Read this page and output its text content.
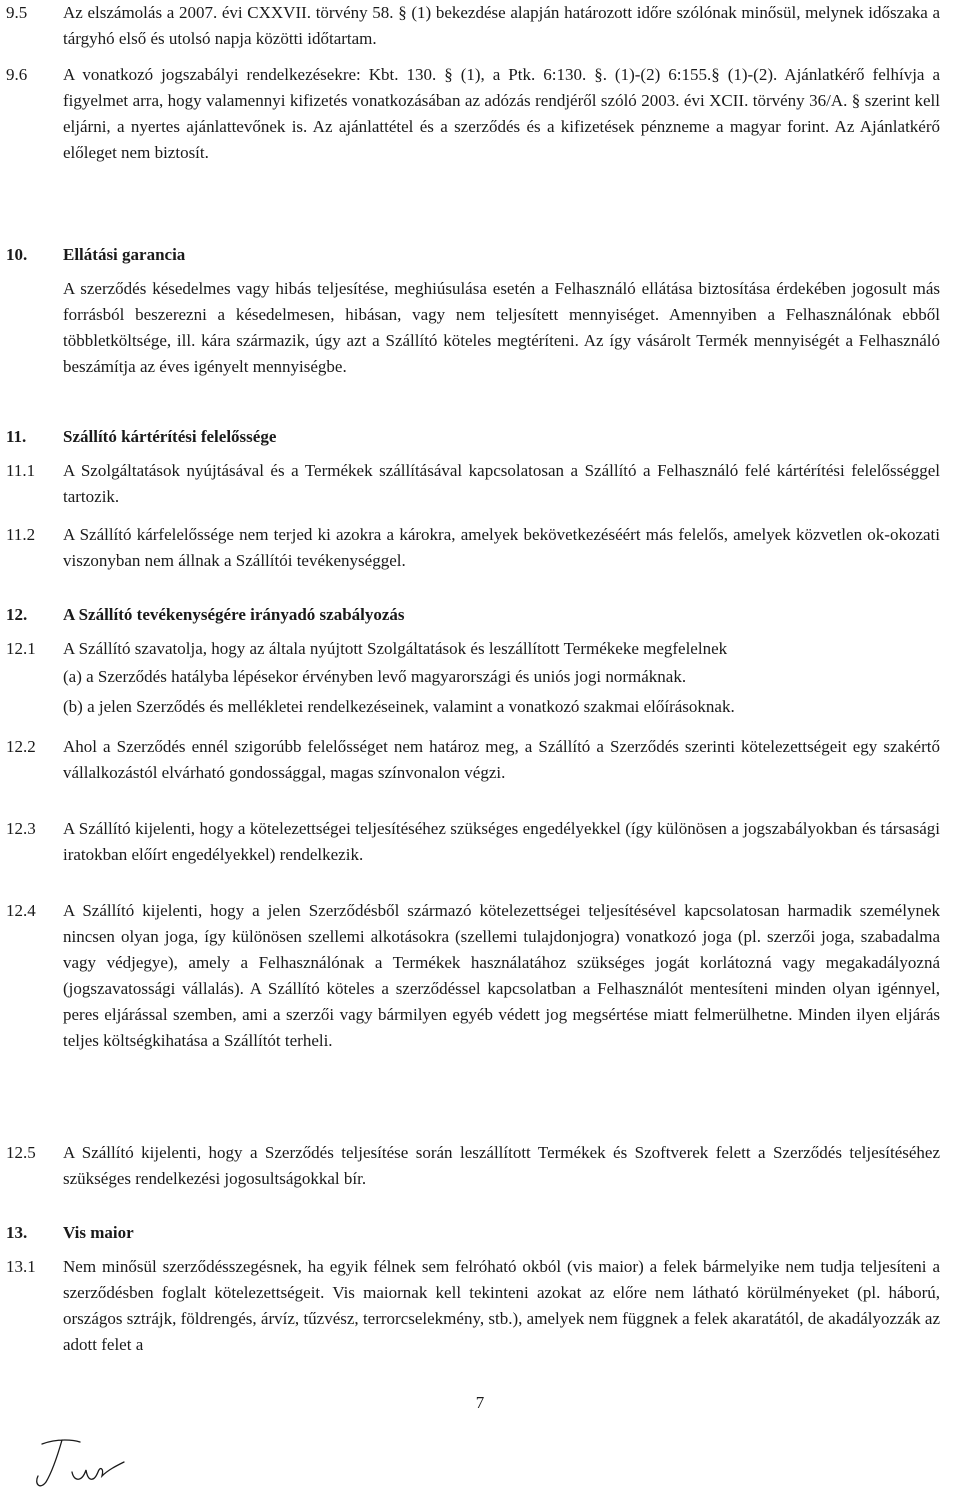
9.5 Az elszámolás a 2007. évi CXXVII. törvény 58. § (1) bekezdése alapján határozott időre szólónak minősül, melynek időszaka a tárgyhó első és utolsó napja közötti időtartam.
9.6 A vonatkozó jogszabályi rendelkezésekre: Kbt. 130. § (1), a Ptk. 6:130. §. (1)-(2) 6:155.§ (1)-(2). Ajánlatkérő felhívja a figyelmet arra, hogy valamennyi kifizetés vonatkozásában az adózás rendjéről szóló 2003. évi XCII. törvény 36/A. § szerint kell eljárni, a nyertes ajánlattevőnek is. Az ajánlattétel és a szerződés és a kifizetések pénzneme a magyar forint. Az Ajánlatkérő előleget nem biztosít.
10. Ellátási garancia
A szerződés késedelmes vagy hibás teljesítése, meghiúsulása esetén a Felhasználó ellátása biztosítása érdekében jogosult más forrásból beszerezni a késedelmesen, hibásan, vagy nem teljesített mennyiséget. Amennyiben a Felhasználónak ebből többletköltsége, ill. kára származik, úgy azt a Szállító köteles megtéríteni. Az így vásárolt Termék mennyiségét a Felhasználó beszámítja az éves igényelt mennyiségbe.
11. Szállító kártérítési felelőssége
11.1 A Szolgáltatások nyújtásával és a Termékek szállításával kapcsolatosan a Szállító a Felhasználó felé kártérítési felelősséggel tartozik.
11.2 A Szállító kárfelelőssége nem terjed ki azokra a károkra, amelyek bekövetkezéséért más felelős, amelyek közvetlen ok-okozati viszonyban nem állnak a Szállítói tevékenységgel.
12. A Szállító tevékenységére irányadó szabályozás
12.1 A Szállító szavatolja, hogy az általa nyújtott Szolgáltatások és leszállított Termékeke megfelelnek
(a) a Szerződés hatályba lépésekor érvényben levő magyarországi és uniós jogi normáknak.
(b) a jelen Szerződés és mellékletei rendelkezéseinek, valamint a vonatkozó szakmai előírásoknak.
12.2 Ahol a Szerződés ennél szigorúbb felelősséget nem határoz meg, a Szállító a Szerződés szerinti kötelezettségeit egy szakértő vállalkozástól elvárható gondossággal, magas színvonalon végzi.
12.3 A Szállító kijelenti, hogy a kötelezettségei teljesítéséhez szükséges engedélyekkel (így különösen a jogszabályokban és társasági iratokban előírt engedélyekkel) rendelkezik.
12.4 A Szállító kijelenti, hogy a jelen Szerződésből származó kötelezettségei teljesítésével kapcsolatosan harmadik személynek nincsen olyan joga, így különösen szellemi alkotásokra (szellemi tulajdonjogra) vonatkozó joga (pl. szerzői joga, szabadalma vagy védjegye), amely a Felhasználónak a Termékek használatához szükséges jogát korlátozná vagy megakadályozná (jogszavatossági vállalás). A Szállító köteles a szerződéssel kapcsolatban a Felhasználót mentesíteni minden olyan igénnyel, peres eljárással szemben, ami a szerzői vagy bármilyen egyéb védett jog megsértése miatt felmerülhetne. Minden ilyen eljárás teljes költségkihatása a Szállítót terheli.
12.5 A Szállító kijelenti, hogy a Szerződés teljesítése során leszállított Termékek és Szoftverek felett a Szerződés teljesítéséhez szükséges rendelkezési jogosultságokkal bír.
13. Vis maior
13.1 Nem minősül szerződésszegésnek, ha egyik félnek sem felróható okból (vis maior) a felek bármelyike nem tudja teljesíteni a szerződésben foglalt kötelezettségeit. Vis maiornak kell tekinteni azokat az előre nem látható körülményeket (pl. háború, országos sztrájk, földrengés, árvíz, tűzvész, terrorcselekmény, stb.), amelyek nem függnek a felek akaratától, de akadályozzák az adott felet a
7
